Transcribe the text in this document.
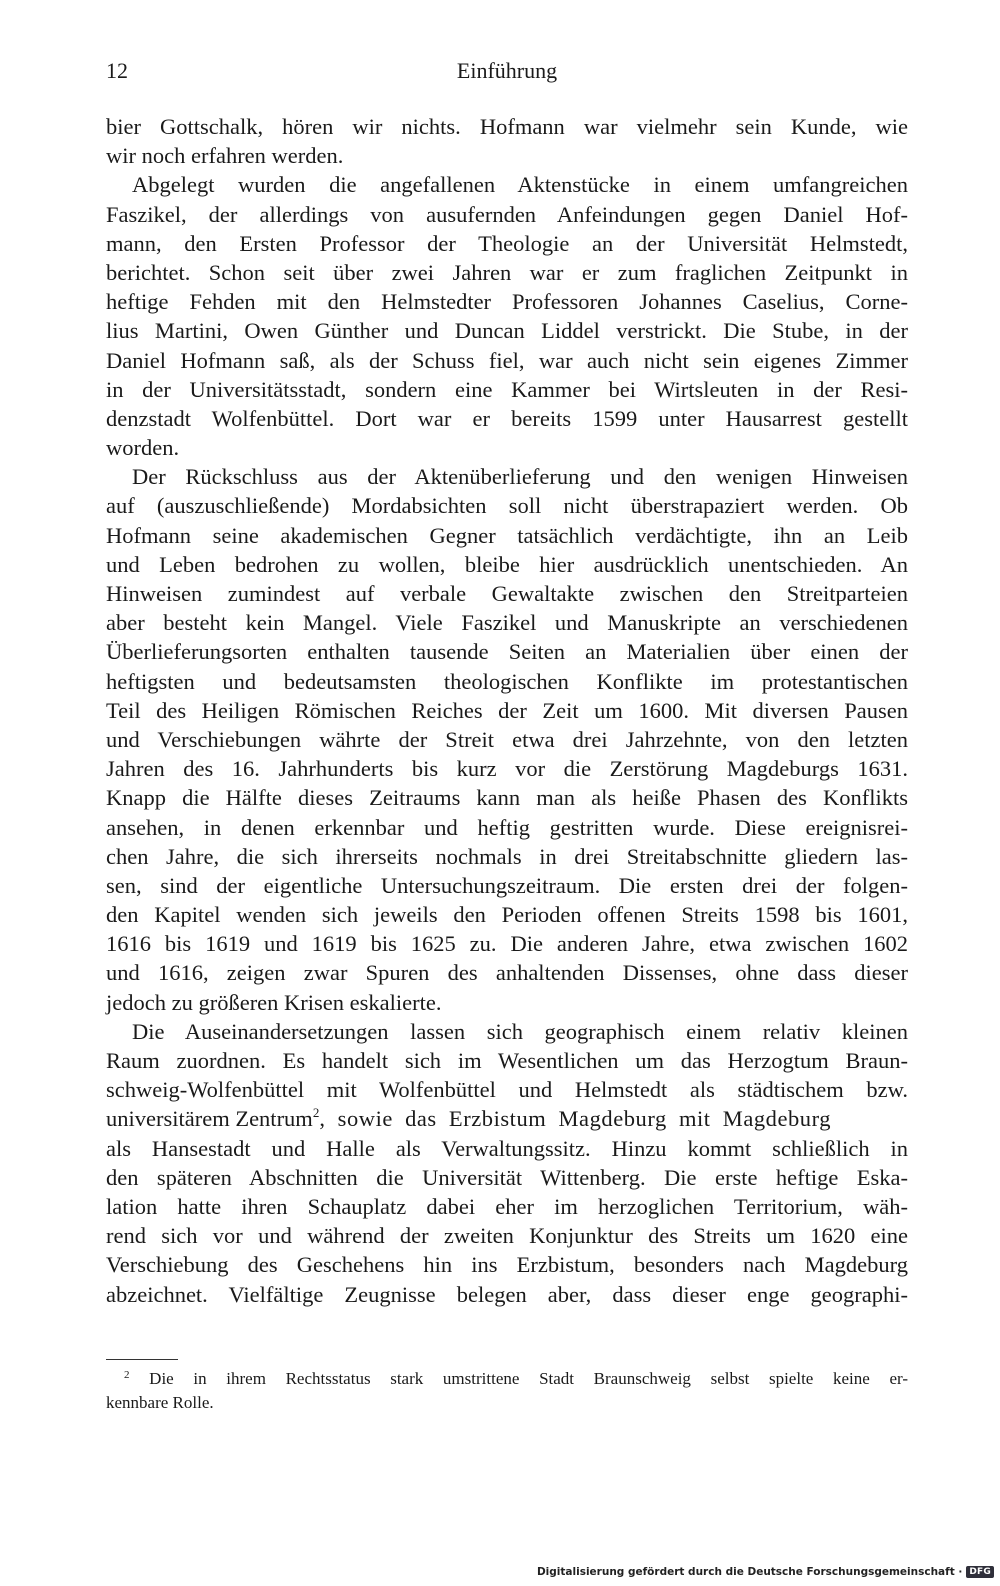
12	Einführung
bier Gottschalk, hören wir nichts. Hofmann war vielmehr sein Kunde, wie
wir noch erfahren werden.
Abgelegt wurden die angefallenen Aktenstücke in einem umfangreichen
Faszikel, der allerdings von ausufernden Anfeindungen gegen Daniel Hof-
mann, den Ersten Professor der Theologie an der Universität Helmstedt,
berichtet. Schon seit über zwei Jahren war er zum fraglichen Zeitpunkt in
heftige Fehden mit den Helmstedter Professoren Johannes Caselius, Corne-
lius Martini, Owen Günther und Duncan Liddel verstrickt. Die Stube, in der
Daniel Hofmann saß, als der Schuss fiel, war auch nicht sein eigenes Zimmer
in der Universitätsstadt, sondern eine Kammer bei Wirtsleuten in der Resi-
denzstadt Wolfenbüttel. Dort war er bereits 1599 unter Hausarrest gestellt
worden.
Der Rückschluss aus der Aktenüberlieferung und den wenigen Hinweisen
auf (auszuschließende) Mordabsichten soll nicht überstrapaziert werden. Ob
Hofmann seine akademischen Gegner tatsächlich verdächtigte, ihn an Leib
und Leben bedrohen zu wollen, bleibe hier ausdrücklich unentschieden. An
Hinweisen zumindest auf verbale Gewaltakte zwischen den Streitparteien
aber besteht kein Mangel. Viele Faszikel und Manuskripte an verschiedenen
Überlieferungsorten enthalten tausende Seiten an Materialien über einen der
heftigsten und bedeutsamsten theologischen Konflikte im protestantischen
Teil des Heiligen Römischen Reiches der Zeit um 1600. Mit diversen Pausen
und Verschiebungen währte der Streit etwa drei Jahrzehnte, von den letzten
Jahren des 16. Jahrhunderts bis kurz vor die Zerstörung Magdeburgs 1631.
Knapp die Hälfte dieses Zeitraums kann man als heiße Phasen des Konflikts
ansehen, in denen erkennbar und heftig gestritten wurde. Diese ereignisrei-
chen Jahre, die sich ihrerseits nochmals in drei Streitabschnitte gliedern las-
sen, sind der eigentliche Untersuchungszeitraum. Die ersten drei der folgen-
den Kapitel wenden sich jeweils den Perioden offenen Streits 1598 bis 1601,
1616 bis 1619 und 1619 bis 1625 zu. Die anderen Jahre, etwa zwischen 1602
und 1616, zeigen zwar Spuren des anhaltenden Dissenses, ohne dass dieser
jedoch zu größeren Krisen eskalierte.
Die Auseinandersetzungen lassen sich geographisch einem relativ kleinen
Raum zuordnen. Es handelt sich im Wesentlichen um das Herzogtum Braun-
schweig-Wolfenbüttel mit Wolfenbüttel und Helmstedt als städtischem bzw.
universitärem Zentrum$^2$, sowie das Erzbistum Magdeburg mit Magdeburg
als Hansestadt und Halle als Verwaltungssitz. Hinzu kommt schließlich in
den späteren Abschnitten die Universität Wittenberg. Die erste heftige Eska-
lation hatte ihren Schauplatz dabei eher im herzoglichen Territorium, wäh-
rend sich vor und während der zweiten Konjunktur des Streits um 1620 eine
Verschiebung des Geschehens hin ins Erzbistum, besonders nach Magdeburg
abzeichnet. Vielfältige Zeugnisse belegen aber, dass dieser enge geographi-
$^2$ Die in ihrem Rechtsstatus stark umstrittene Stadt Braunschweig selbst spielte keine er-
kennbare Rolle.
Digitalisierung gefördert durch die Deutsche Forschungsgemeinschaft · DFG
